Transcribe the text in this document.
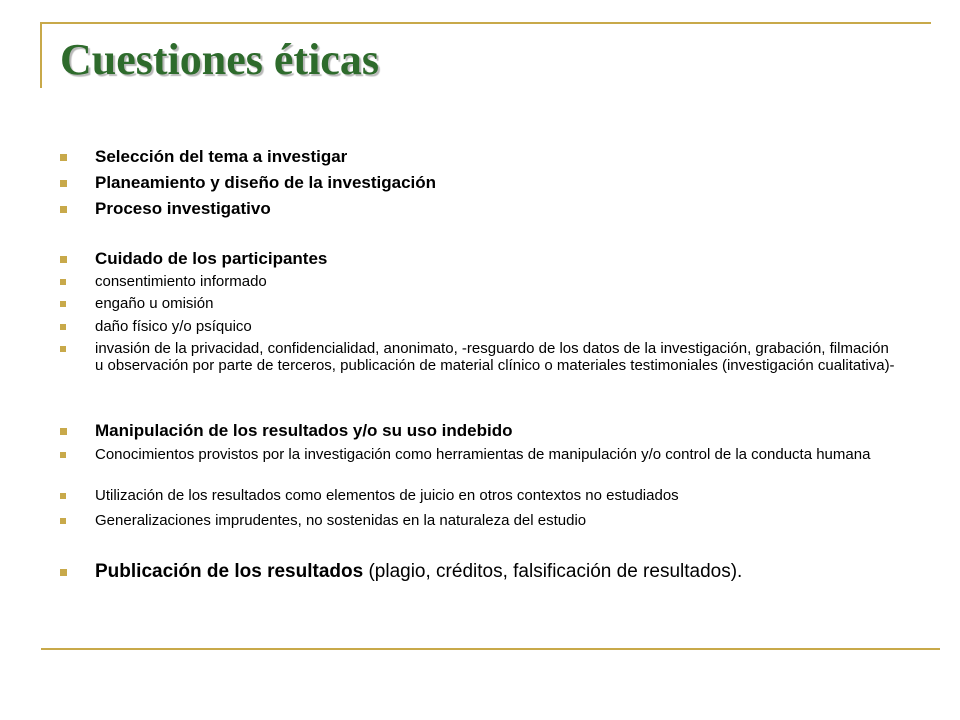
Cuestiones éticas
Selección del tema a investigar
Planeamiento y diseño de la investigación
Proceso investigativo
Cuidado de los participantes
consentimiento informado
engaño u omisión
daño físico y/o psíquico
invasión de la privacidad, confidencialidad, anonimato, -resguardo de los datos de la investigación, grabación, filmación u observación por parte de terceros, publicación de material clínico o materiales testimoniales (investigación cualitativa)-
Manipulación de los resultados y/o su uso indebido
Conocimientos provistos por la investigación como herramientas de manipulación y/o control de la conducta humana
Utilización de los resultados como elementos de juicio en otros contextos no estudiados
Generalizaciones imprudentes, no sostenidas en la naturaleza del estudio
Publicación de los resultados (plagio, créditos, falsificación de resultados).
